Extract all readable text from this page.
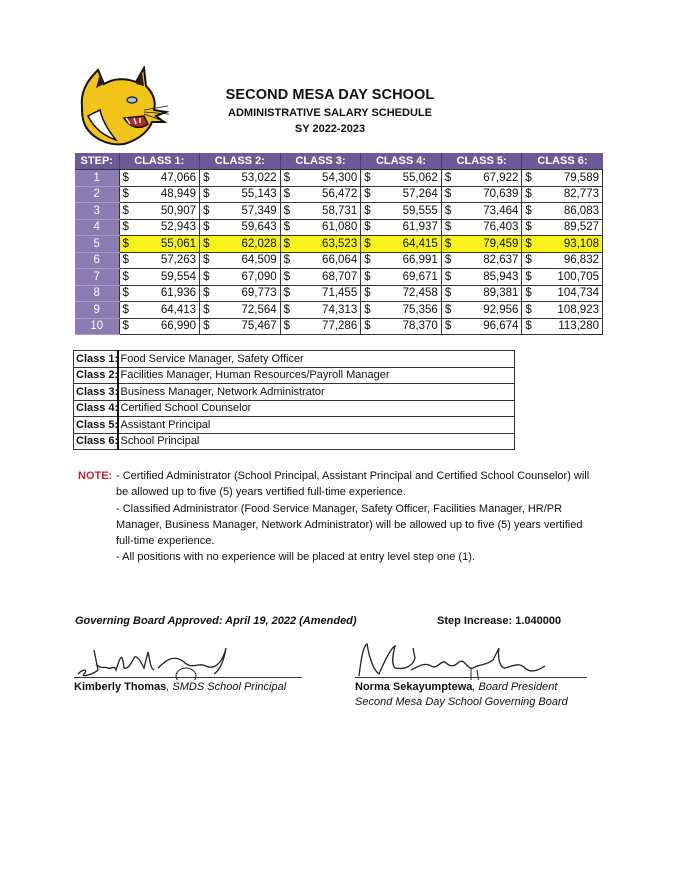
SECOND MESA DAY SCHOOL
ADMINISTRATIVE SALARY SCHEDULE
SY 2022-2023
STEP:	CLASS 1:	CLASS 2:	CLASS 3:	CLASS 4:	CLASS 5:	CLASS 6:
1	$ 47,066	$ 53,022	$ 54,300	$ 55,062	$ 67,922	$ 79,589

2	$ 48,949	$ 55,143	$ 56,472	$ 57,264	$ 70,639	$ 82,773

3	$ 50,907	$ 57,349	$ 58,731	$ 59,555	$ 73,464	$ 86,083

4	$ 52,943	$ 59,643	$ 61,080	$ 61,937	$ 76,403	$ 89,527

5	$ 55,061	$ 62,028	$ 63,523	$ 64,415	$ 79,459	$ 93,108

6	$ 57,263	$ 64,509	$ 66,064	$ 66,991	$ 82,637	$ 96,832

7	$ 59,554	$ 67,090	$ 68,707	$ 69,671	$ 85,943	$ 100,705

8	$ 61,936	$ 69,773	$ 71,455	$ 72,458	$ 89,381	$ 104,734

9	$ 64,413	$ 72,564	$ 74,313	$ 75,356	$ 92,956	$ 108,923

10	$ 66,990	$ 75,467	$ 77,286	$ 78,370	$ 96,674	$ 113,280
Class 1:	Food Service Manager, Safety Officer
Class 2:	Facilities Manager, Human Resources/Payroll Manager
Class 3:	Business Manager, Network Administrator
Class 4:	Certified School Counselor
Class 5:	Assistant Principal
Class 6:	School Principal
NOTE: - Certified Administrator (School Principal, Assistant Principal and Certified School Counselor) will be allowed up to five (5) years vertified full-time experience.

- Classified Administrator (Food Service Manager, Safety Officer, Facilities Manager, HR/PR Manager, Business Manager, Network Administrator) will be allowed up to five (5) years vertified full-time experience.

- All positions with no experience will be placed at entry level step one (1).

Governing Board Approved: April 19, 2022 (Amended)	Step Increase: 1.040000
Kimberly Thomas, SMDS School Principal	Norma Sekayumptewa, Board President
Second Mesa Day School Governing Board
